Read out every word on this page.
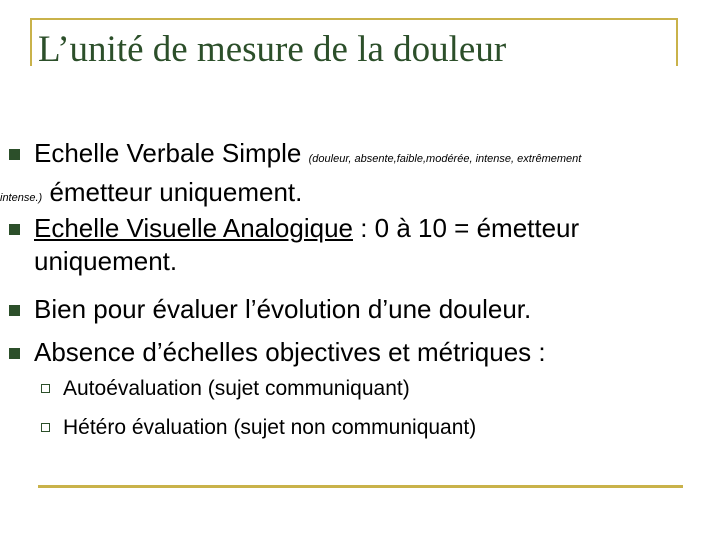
L’unité de mesure de la douleur
Echelle Verbale Simple (douleur, absente,faible,modérée, intense, extrêmement
intense.) émetteur uniquement.
Echelle Visuelle Analogique : 0 à 10 = émetteur uniquement.
Bien pour évaluer l’évolution d’une douleur.
Absence d’échelles objectives et métriques :
Autoévaluation (sujet communiquant)
Hétéro évaluation (sujet non communiquant)
